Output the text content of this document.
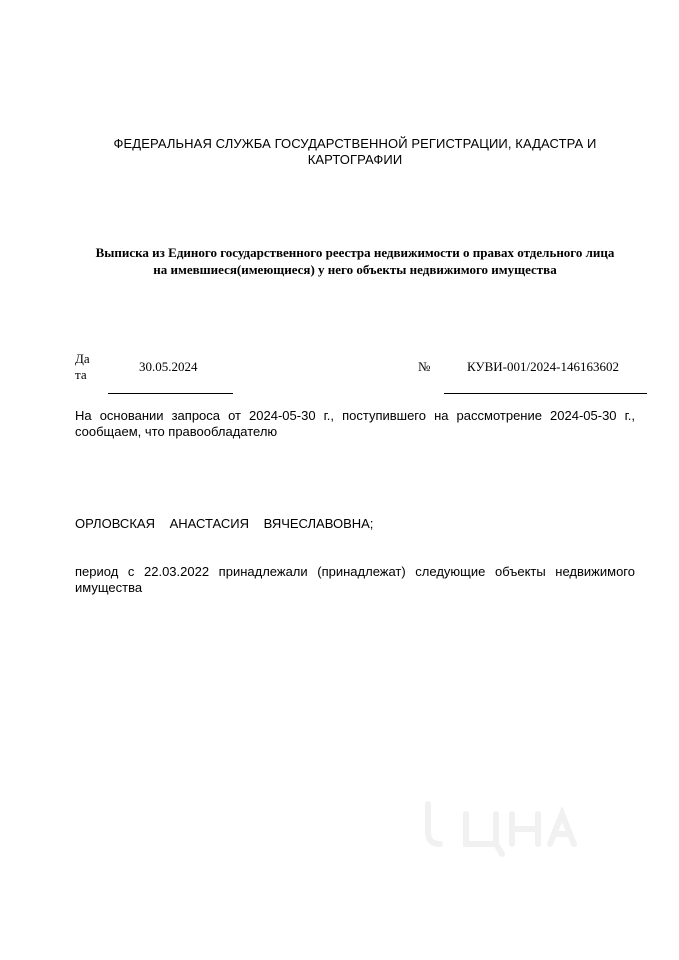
ФЕДЕРАЛЬНАЯ СЛУЖБА ГОСУДАРСТВЕННОЙ РЕГИСТРАЦИИ, КАДАСТРА И
КАРТОГРАФИИ
Выписка из Единого государственного реестра недвижимости о правах отдельного лица
на имевшиеся(имеющиеся) у него объекты недвижимого имущества
Да
та
30.05.2024	№	КУВИ-001/2024-146163602
На основании запроса от 2024-05-30 г., поступившего на рассмотрение 2024-05-30 г.,
сообщаем, что правообладателю
ОРЛОВСКАЯ АНАСТАСИЯ ВЯЧЕСЛАВОВНА;
период с 22.03.2022 принадлежали (принадлежат) следующие объекты недвижимого
имущества
